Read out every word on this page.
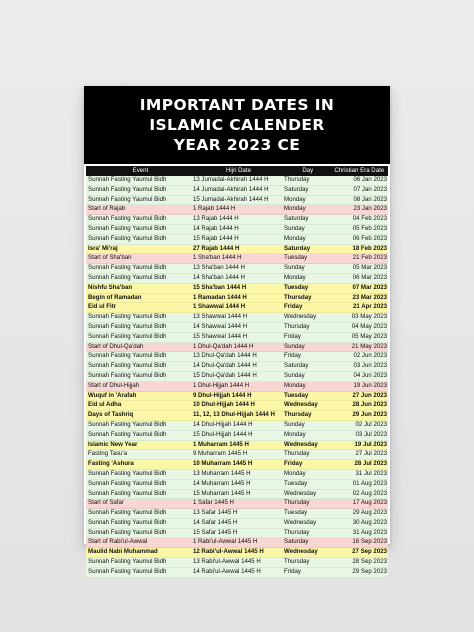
IMPORTANT DATES IN
ISLAMIC CALENDER
YEAR 2023 CE
Event	Hijri Date	Day	Christian Era Date
Sunnah Fasting Yaumul Bidh	13 Jumadal-Akhirah 1444 H	Thursday	06 Jan 2023
Sunnah Fasting Yaumul Bidh	14 Jumadal-Akhirah 1444 H	Saturday	07 Jan 2023
Sunnah Fasting Yaumul Bidh	15 Jumadal-Akhirah 1444 H	Monday	08 Jan 2023
Start of Rajab	1 Rajab 1444 H	Monday	23 Jan 2023
Sunnah Fasting Yaumul Bidh	13 Rajab 1444 H	Saturday	04 Feb 2023
Sunnah Fasting Yaumul Bidh	14 Rajab 1444 H	Sunday	05 Feb 2023
Sunnah Fasting Yaumul Bidh	15 Rajab 1444 H	Monday	06 Feb 2023
Isra' Mi'raj	27 Rajab 1444 H	Saturday	18 Feb 2023
Start of Sha'ban	1 Sha'ban 1444 H	Tuesday	21 Feb 2023
Sunnah Fasting Yaumul Bidh	13 Sha'ban 1444 H	Sunday	05 Mar 2023
Sunnah Fasting Yaumul Bidh	14 Sha'ban 1444 H	Monday	06 Mar 2023
Nishfu Sha'ban	15 Sha'ban 1444 H	Tuesday	07 Mar 2023
Begin of Ramadan	1 Ramadan 1444 H	Thursday	23 Mar 2023
Eid ul Fitr	1 Shawwal 1444 H	Friday	21 Apr 2023
Sunnah Fasting Yaumul Bidh	13 Shawwal 1444 H	Wednesday	03 May 2023
Sunnah Fasting Yaumul Bidh	14 Shawwal 1444 H	Thursday	04 May 2023
Sunnah Fasting Yaumul Bidh	15 Shawwal 1444 H	Friday	05 May 2023
Start of Dhul-Qa'dah	1 Dhul-Qa'dah 1444 H	Sunday	21 May 2023
Sunnah Fasting Yaumul Bidh	13 Dhul-Qa'dah 1444 H	Friday	02 Jun 2023
Sunnah Fasting Yaumul Bidh	14 Dhul-Qa'dah 1444 H	Saturday	03 Jun 2023
Sunnah Fasting Yaumul Bidh	15 Dhul-Qa'dah 1444 H	Sunday	04 Jun 2023
Start of Dhul-Hijjah	1 Dhul-Hijjah 1444 H	Monday	19 Jun 2023
Wuquf in 'Arafah	9 Dhul-Hijjah 1444 H	Tuesday	27 Jun 2023
Eid ul Adha	10 Dhul-Hijjah 1444 H	Wednesday	28 Jun 2023
Days of Tashriq	11, 12, 13 Dhul-Hijjah 1444 H	Thursday	29 Jun 2023
Sunnah Fasting Yaumul Bidh	14 Dhul-Hijjah 1444 H	Sunday	02 Jul 2023
Sunnah Fasting Yaumul Bidh	15 Dhul-Hijjah 1444 H	Monday	03 Jul 2023
Islamic New Year	1 Muharram 1445 H	Wednesday	19 Jul 2023
Fasting Tasu'a	9 Muharram 1445 H	Thursday	27 Jul 2023
Fasting 'Ashura	10 Muharram 1445 H	Friday	28 Jul 2023
Sunnah Fasting Yaumul Bidh	13 Muharram 1445 H	Monday	31 Jul 2023
Sunnah Fasting Yaumul Bidh	14 Muharram 1445 H	Tuesday	01 Aug 2023
Sunnah Fasting Yaumul Bidh	15 Muharram 1445 H	Wednesday	02 Aug 2023
Start of Safar	1 Safar 1445 H	Thursday	17 Aug 2023
Sunnah Fasting Yaumul Bidh	13 Safar 1445 H	Tuesday	29 Aug 2023
Sunnah Fasting Yaumul Bidh	14 Safar 1445 H	Wednesday	30 Aug 2023
Sunnah Fasting Yaumul Bidh	15 Safar 1445 H	Thursday	31 Aug 2023
Start of Rabi'ul-Awwal	1 Rabi'ul-Awwal 1445 H	Saturday	16 Sep 2023
Maulid Nabi Muhammad	12 Rabi'ul-Awwal 1445 H	Wednesday	27 Sep 2023
Sunnah Fasting Yaumul Bidh	13 Rabi'ul-Awwal 1445 H	Thursday	28 Sep 2023
Sunnah Fasting Yaumul Bidh	14 Rabi'ul-Awwal 1445 H	Friday	29 Sep 2023
